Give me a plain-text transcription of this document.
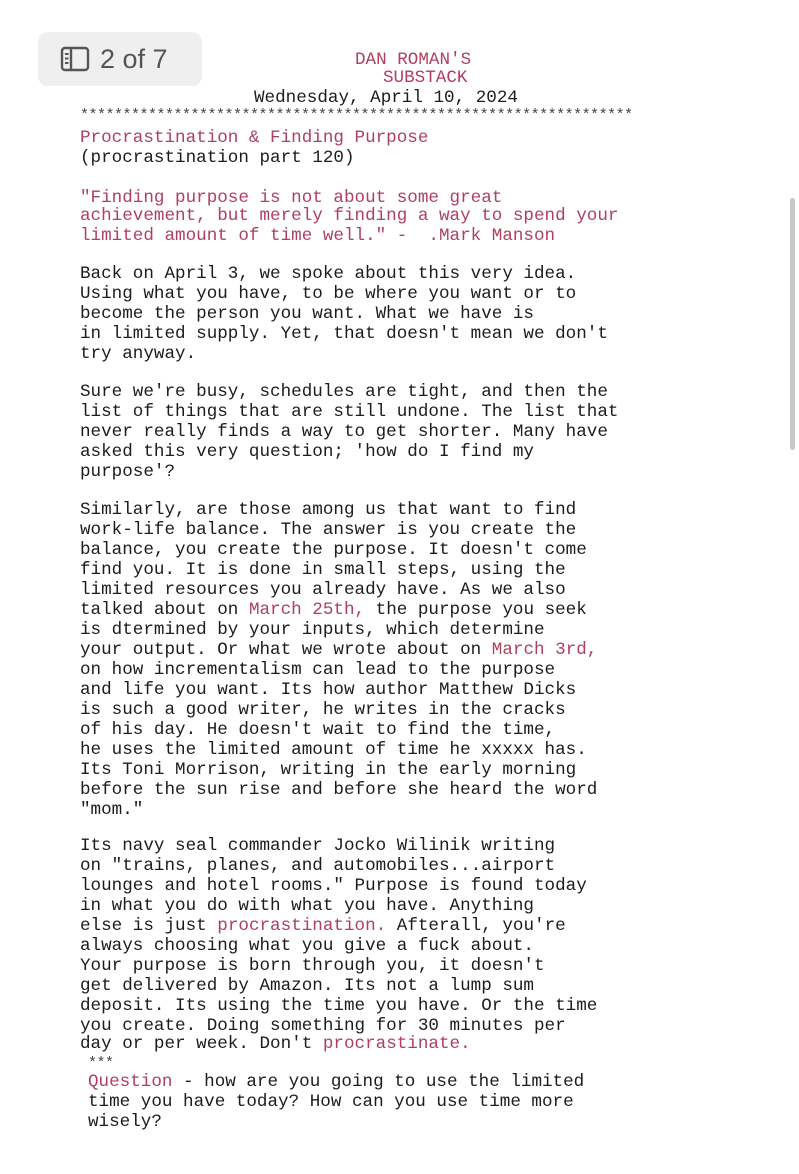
2 of 7	DAN ROMAN'S
SUBSTACK
Wednesday, April 10, 2024
*****************************************************************
Procrastination & Finding Purpose
(procrastination part 120)
"Finding purpose is not about some great
achievement, but merely finding a way to spend your
limited amount of time well." -  .Mark Manson
Back on April 3, we spoke about this very idea.
Using what you have, to be where you want or to
become the person you want. What we have is
in limited supply. Yet, that doesn't mean we don't
try anyway.
Sure we're busy, schedules are tight, and then the
list of things that are still undone. The list that
never really finds a way to get shorter. Many have
asked this very question; 'how do I find my
purpose'?
Similarly, are those among us that want to find
work-life balance. The answer is you create the
balance, you create the purpose. It doesn't come
find you. It is done in small steps, using the
limited resources you already have. As we also
talked about on March 25th, the purpose you seek
is dtermined by your inputs, which determine
your output. Or what we wrote about on March 3rd,
on how incrementalism can lead to the purpose
and life you want. Its how author Matthew Dicks
is such a good writer, he writes in the cracks
of his day. He doesn't wait to find the time,
he uses the limited amount of time he xxxxx has.
Its Toni Morrison, writing in the early morning
before the sun rise and before she heard the word
"mom."
Its navy seal commander Jocko Wilinik writing
on "trains, planes, and automobiles...airport
lounges and hotel rooms." Purpose is found today
in what you do with what you have. Anything
else is just procrastination. Afterall, you're
always choosing what you give a fuck about.
Your purpose is born through you, it doesn't
get delivered by Amazon. Its not a lump sum
deposit. Its using the time you have. Or the time
you create. Doing something for 30 minutes per
day or per week. Don't procrastinate.
***
Question - how are you going to use the limited
time you have today? How can you use time more
wisely?
